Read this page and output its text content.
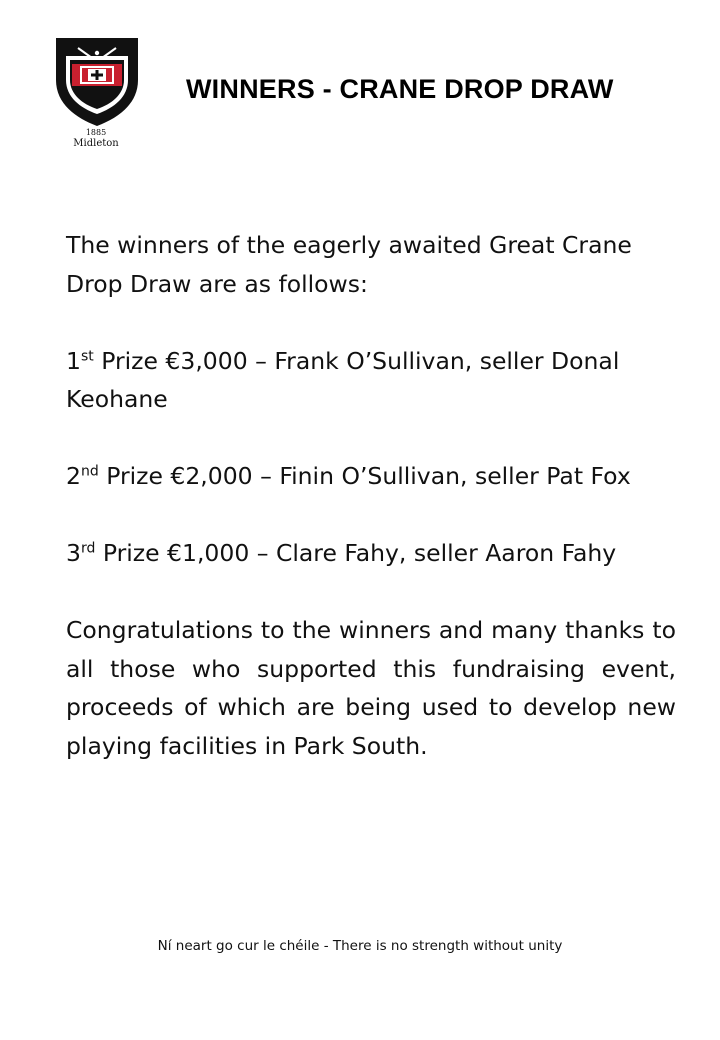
1885
Midleton
WINNERS - CRANE DROP DRAW

The winners of the eagerly awaited Great Crane Drop Draw are as follows:

1st Prize €3,000 – Frank O’Sullivan, seller Donal Keohane

2nd Prize €2,000 – Finin O’Sullivan, seller Pat Fox

3rd Prize €1,000 – Clare Fahy, seller Aaron Fahy

Congratulations to the winners and many thanks to all those who supported this fundraising event, proceeds of which are being used to develop new playing facilities in Park South.

Ní neart go cur le chéile - There is no strength without unity
